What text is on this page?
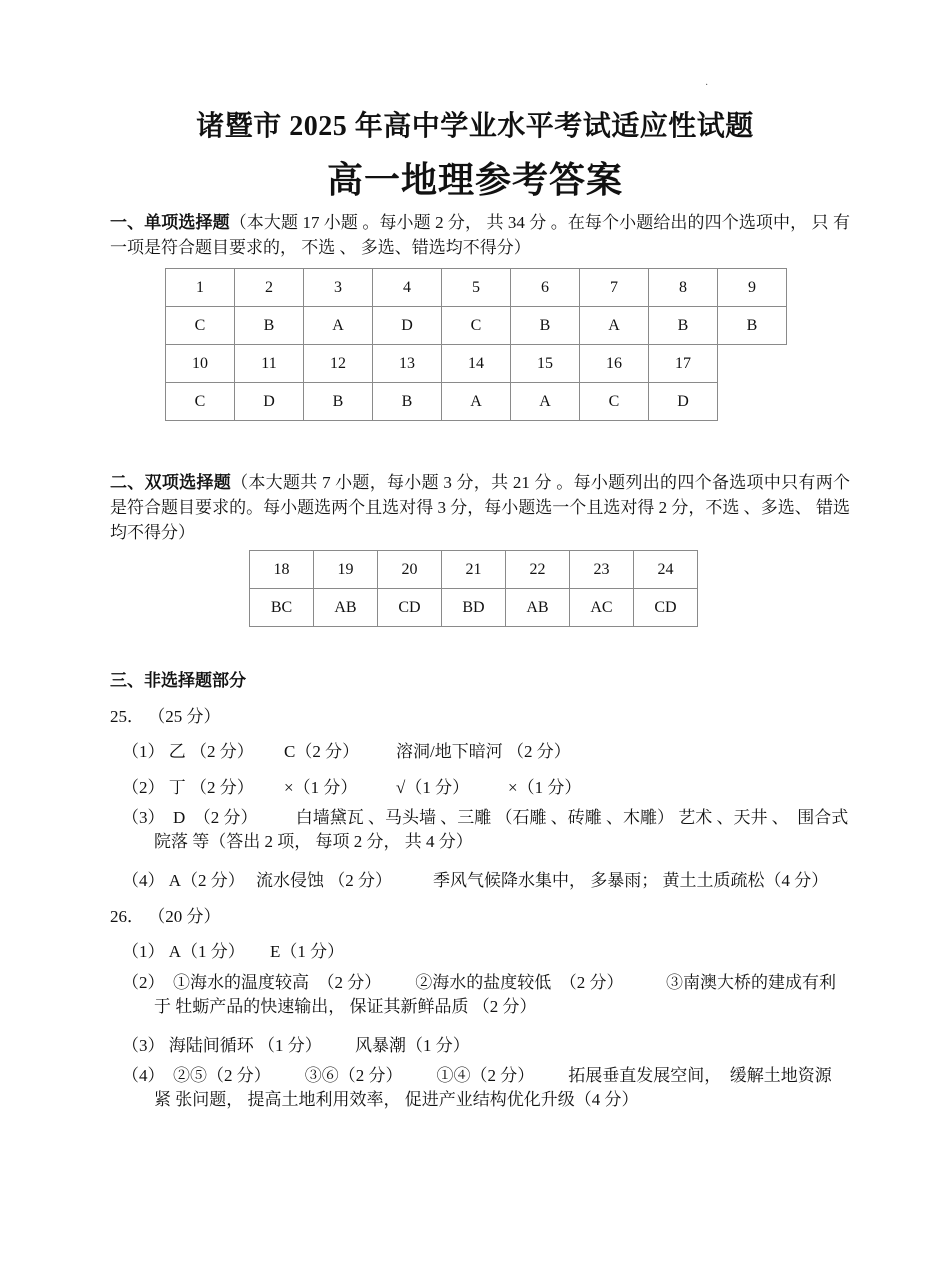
·
诸暨市 2025 年高中学业水平考试适应性试题
高一地理参考答案
一、单项选择题（本大题 17 小题 。每小题 2 分， 共 34 分 。在每个小题给出的四个选项中， 只 有一项是符合题目要求的， 不选 、 多选、错选均不得分）
1	2	3	4	5	6	7	8	9
C	B	A	D	C	B	A	B	B
10	11	12	13	14	15	16	17	
C	D	B	B	A	A	C	D	
二、双项选择题（本大题共 7 小题，每小题 3 分，共 21 分 。每小题列出的四个备选项中只有两个是符合题目要求的。每小题选两个且选对得 3 分，每小题选一个且选对得 2 分，不选 、多选、 错选均不得分）
18	19	20	21	22	23	24
BC	AB	CD	BD	AB	AC	CD
三、非选择题部分
25． （25 分）
（1） 乙 （2 分） C（2 分） 溶洞/地下暗河 （2 分）
（2） 丁 （2 分） ×（1 分） √（1 分） ×（1 分）
（3）  D  （2 分）         白墙黛瓦 、马头墙 、三雕 （石雕 、砖雕 、木雕） 艺术 、天井 、  围合式
院落 等（答出 2 项， 每项 2 分， 共 4 分）
（4） A（2 分） 流水侵蚀 （2 分） 季风气候降水集中， 多暴雨； 黄土土质疏松（4 分）
26． （20 分）
（1） A（1 分） E（1 分）
（2）  ①海水的温度较高  （2 分）        ②海水的盐度较低  （2 分）          ③南澳大桥的建成有利
于 牡蛎产品的快速输出， 保证其新鲜品质 （2 分）
（3） 海陆间循环 （1 分） 风暴潮（1 分）
（4）  ②⑤（2 分）        ③⑥（2 分）        ①④（2 分）        拓展垂直发展空间，  缓解土地资源
紧 张问题， 提高土地利用效率， 促进产业结构优化升级（4 分）
